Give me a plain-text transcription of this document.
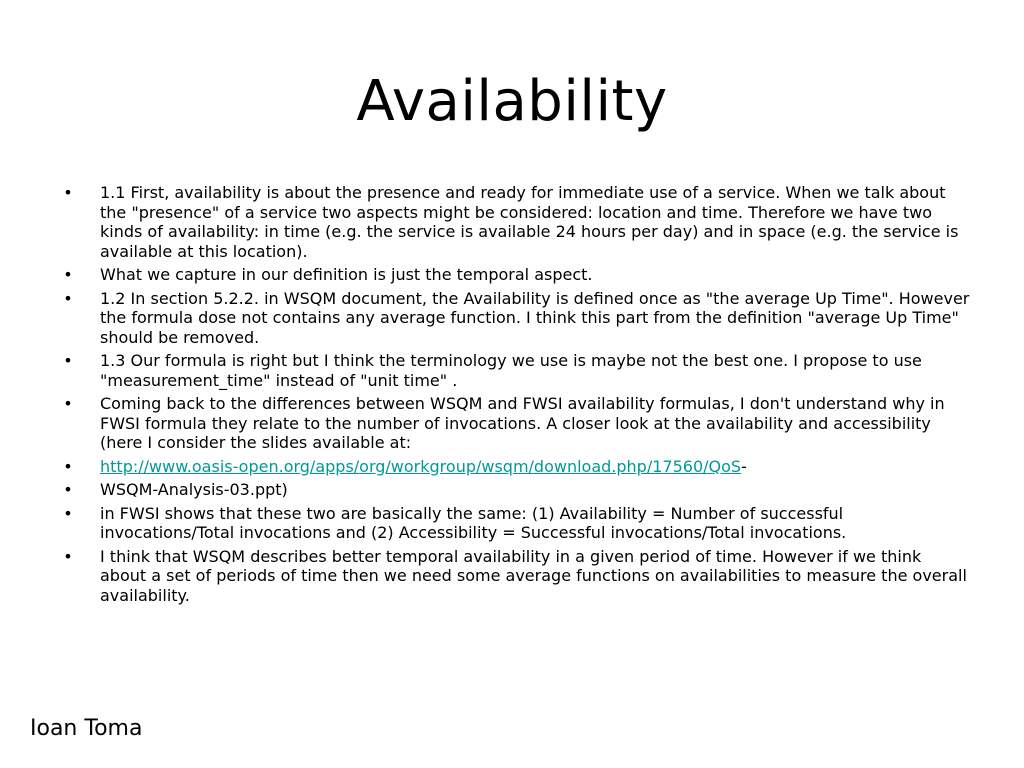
Availability
• 1.1 First, availability is about the presence and ready for immediate use of a service. When we talk about the "presence" of a service two aspects might be considered: location and time. Therefore we have two kinds of availability: in time (e.g. the service is available 24 hours per day) and in space (e.g. the service is available at this location).
• What we capture in our definition is just the temporal aspect.
• 1.2 In section 5.2.2. in WSQM document, the Availability is defined once as "the average Up Time". However the formula dose not contains any average function. I think this part from the definition "average Up Time" should be removed.
• 1.3 Our formula is right but I think the terminology we use is maybe not the best one. I propose to use "measurement_time" instead of "unit time" .
• Coming back to the differences between WSQM and FWSI availability formulas, I don't understand why in FWSI formula they relate to the number of invocations. A closer look at the availability and accessibility (here I consider the slides available at:
• http://www.oasis-open.org/apps/org/workgroup/wsqm/download.php/17560/QoS-
• WSQM-Analysis-03.ppt)
• in FWSI shows that these two are basically the same: (1) Availability = Number of successful invocations/Total invocations and (2) Accessibility = Successful invocations/Total invocations.
• I think that WSQM describes better temporal availability in a given period of time. However if we think about a set of periods of time then we need some average functions on availabilities to measure the overall availability.
Ioan Toma
